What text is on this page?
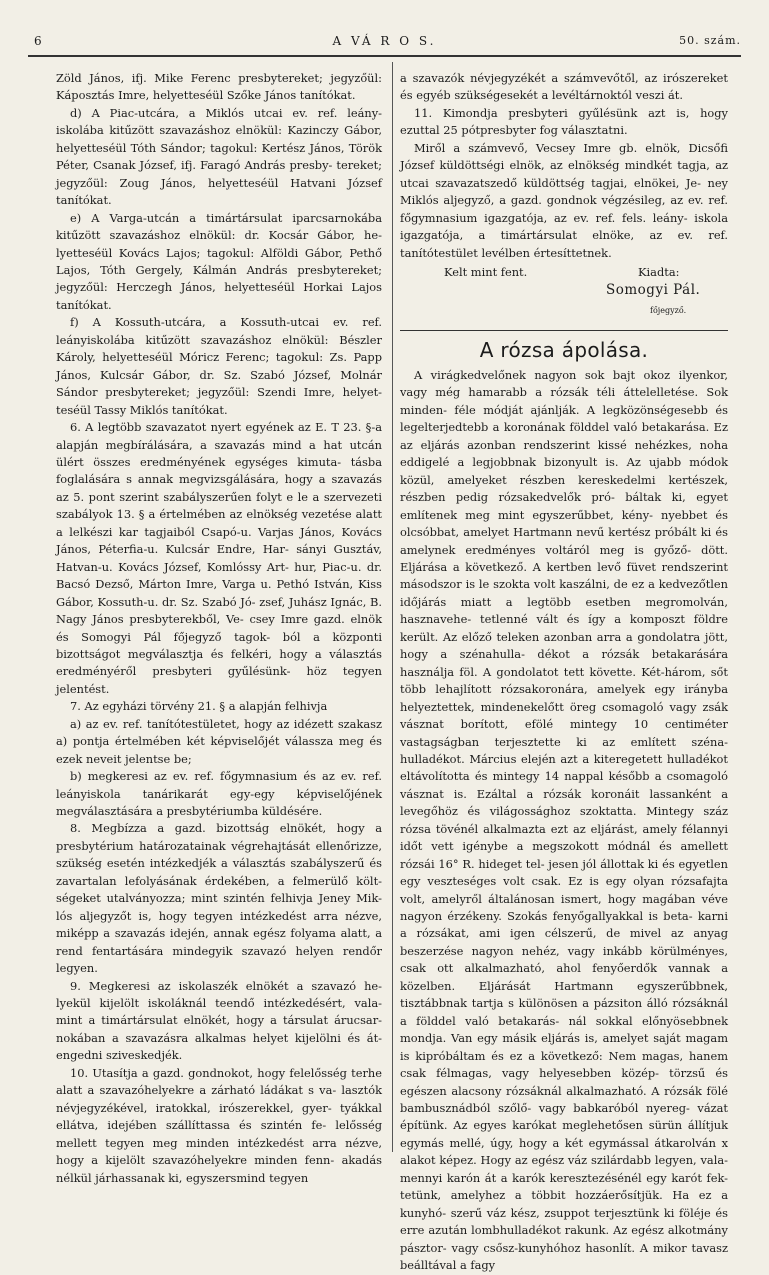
6	A VÁ R O S.	50. szám.

Zöld János, ifj. Mike Ferenc presbytereket; jegyzőül: Káposztás Imre, helyetteséül Szőke János tanítókat.

d) A Piac-utcára, a Miklós utcai ev. ref. leány- iskolába kitűzött szavazáshoz elnökül: Kazinczy Gábor, helyetteséül Tóth Sándor; tagokul: Kertész János, Török Péter, Csanak József, ifj. Faragó András presby- tereket; jegyzőül: Zoug János, helyetteséül Hatvani József tanítókat.

e) A Varga-utcán a timártársulat iparcsarnokába kitűzött szavazáshoz elnökül: dr. Kocsár Gábor, he- lyetteséül Kovács Lajos; tagokul: Alföldi Gábor, Pethő Lajos, Tóth Gergely, Kálmán András presbytereket; jegyzőül: Herczegh János, helyetteséül Horkai Lajos tanítókat.

f) A Kossuth-utcára, a Kossuth-utcai ev. ref. leányiskolába kitűzött szavazáshoz elnökül: Bészler Károly, helyetteséül Móricz Ferenc; tagokul: Zs. Papp János, Kulcsár Gábor, dr. Sz. Szabó József, Molnár Sándor presbytereket; jegyzőül: Szendi Imre, helyet- teséül Tassy Miklós tanítókat.

6. A legtöbb szavazatot nyert egyének az E. T 23. §-a alapján megbírálására, a szavazás mind a hat utcán ülért összes eredményének egységes kimuta- tásba foglalására s annak megvizsgálására, hogy a szavazás az 5. pont szerint szabályszerűen folyt e le a szervezeti szabályok 13. § a értelmében az elnökség vezetése alatt a lelkészi kar tagjaiból Csapó-u. Varjas János, Kovács János, Péterfia-u. Kulcsár Endre, Har- sányi Gusztáv, Hatvan-u. Kovács József, Komlóssy Art- hur, Piac-u. dr. Bacsó Dezső, Márton Imre, Varga u. Pethó István, Kiss Gábor, Kossuth-u. dr. Sz. Szabó Jó- zsef, Juhász Ignác, B. Nagy János presbyterekből, Ve- csey Imre gazd. elnök és Somogyi Pál főjegyző tagok- ból a központi bizottságot megválasztja és felkéri, hogy a választás eredményéről presbyteri gyűlésünk- höz tegyen jelentést.

7. Az egyházi törvény 21. § a alapján felhivja

a) az ev. ref. tanítótestületet, hogy az idézett szakasz a) pontja értelmében két képviselőjét válassza meg és ezek neveit jelentse be;

b) megkeresi az ev. ref. főgymnasium és az ev. ref. leányiskola tanárikarát egy-egy képviselőjének megválasztására a presbytériumba küldésére.

8. Megbízza a gazd. bizottság elnökét, hogy a presbytérium határozatainak végrehajtását ellenőrizze, szükség esetén intézkedjék a választás szabályszerű és zavartalan lefolyásának érdekében, a felmerülő költ- ségeket utalványozza; mint szintén felhivja Jeney Mik- lós aljegyzőt is, hogy tegyen intézkedést arra nézve, miképp a szavazás idején, annak egész folyama alatt, a rend fentartására mindegyik szavazó helyen rendőr legyen.

9. Megkeresi az iskolaszék elnökét a szavazó he- lyekül kijelölt iskoláknál teendő intézkedésért, vala- mint a timártársulat elnökét, hogy a társulat árucsar- nokában a szavazásra alkalmas helyet kijelölni és át- engedni sziveskedjék.

10. Utasítja a gazd. gondnokot, hogy felelősség terhe alatt a szavazóhelyekre a zárható ládákat s va- lasztók névjegyzékével, iratokkal, irószerekkel, gyer- tyákkal ellátva, idejében szállíttassa és szintén fe- lelősség mellett tegyen meg minden intézkedést arra nézve, hogy a kijelölt szavazóhelyekre minden fenn- akadás nélkül járhassanak ki, egyszersmind tegyen

a szavazók névjegyzékét a számvevőtől, az irószereket és egyéb szükségesekét a levéltárnoktól veszi át.

11. Kimondja presbyteri gyűlésünk azt is, hogy ezuttal 25 pótpresbyter fog választatni.

Miről a számvevő, Vecsey Imre gb. elnök, Dicsőfi József küldöttségi elnök, az elnökség mindkét tagja, az utcai szavazatszedő küldöttség tagjai, elnökei, Je- ney Miklós aljegyző, a gazd. gondnok végzésileg, az ev. ref. főgymnasium igazgatója, az ev. ref. fels. leány- iskola igazgatója, a timártársulat elnöke, az ev. ref. tanítótestület levélben értesíttetnek.

Kelt mint fent.	Kiadta:
Somogyi Pál.
főjegyző.
A rózsa ápolása.

A virágkedvelőnek nagyon sok bajt okoz ilyenkor, vagy még hamarabb a rózsák téli áttelelletése. Sok minden- féle módját ajánlják. A legközönségesebb és legelterjedtebb a koronának földdel való betakarása. Ez az eljárás azonban rendszerint kissé nehézkes, noha eddigelé a legjobbnak bizonyult is. Az ujabb módok közül, amelyeket részben kereskedelmi kertészek, részben pedig rózsakedvelők pró- báltak ki, egyet említenek meg mint egyszerűbbet, kény- nyebbet és olcsóbbat, amelyet Hartmann nevű kertész próbált ki és amelynek eredményes voltáról meg is győző- dött. Eljárása a következő. A kertben levő füvet rendszerint másodszor is le szokta volt kaszálni, de ez a kedvezőtlen időjárás miatt a legtöbb esetben megromolván, hasznavehe- tetlenné vált és így a komposzt földre került. Az előző teleken azonban arra a gondolatra jött, hogy a szénahulla- dékot a rózsák betakarására használja föl. A gondolatot tett követte. Két-három, sőt több lehajlított rózsakoronára, amelyek egy irányba helyeztettek, mindenekelőtt öreg csomagoló vagy zsák vásznat borított, efölé mintegy 10 centiméter vastagságban terjesztette ki az említett széna- hulladékot. Március elején azt a kiteregetett hulladékot eltávolította és mintegy 14 nappal később a csomagoló vásznat is. Ezáltal a rózsák koronáit lassanként a levegőhöz és világossághoz szoktatta. Mintegy száz rózsa tövénél alkalmazta ezt az eljárást, amely félannyi időt vett igénybe a megszokott módnál és amellett rózsái 16° R. hideget tel- jesen jól állottak ki és egyetlen egy veszteséges volt csak. Ez is egy olyan rózsafajta volt, amelyről általánosan ismert, hogy magában véve nagyon érzékeny. Szokás fenyőgallyakkal is beta- karni a rózsákat, ami igen célszerű, de mivel az anyag beszerzése nagyon nehéz, vagy inkább körülményes, csak ott alkalmazható, ahol fenyőerdők vannak a közelben. Eljárását Hartmann egyszerűbbnek, tisztábbnak tartja s különösen a pázsiton álló rózsáknál a földdel való betakarás- nál sokkal előnyösebbnek mondja. Van egy másik eljárás is, amelyet saját magam is kipróbáltam és ez a következő: Nem magas, hanem csak félmagas, vagy helyesebben közép- törzsű és egészen alacsony rózsáknál alkalmazható. A rózsák fölé bambusznádból szőlő- vagy babkaróból nyereg- vázat építünk. Az egyes karókat meglehetősen sürün állítjuk egymás mellé, úgy, hogy a két egymással átkarolván x alakot képez. Hogy az egész váz szilárdabb legyen, vala- mennyi karón át a karók keresztezésénél egy karót fek- tetünk, amelyhez a többit hozzáerősítjük. Ha ez a kunyhó- szerű váz kész, zsuppot terjesztünk ki föléje és erre azután lombhulladékot rakunk. Az egész alkotmány pásztor- vagy csősz-kunyhóhoz hasonlít. A mikor tavasz beálltával a fagy
